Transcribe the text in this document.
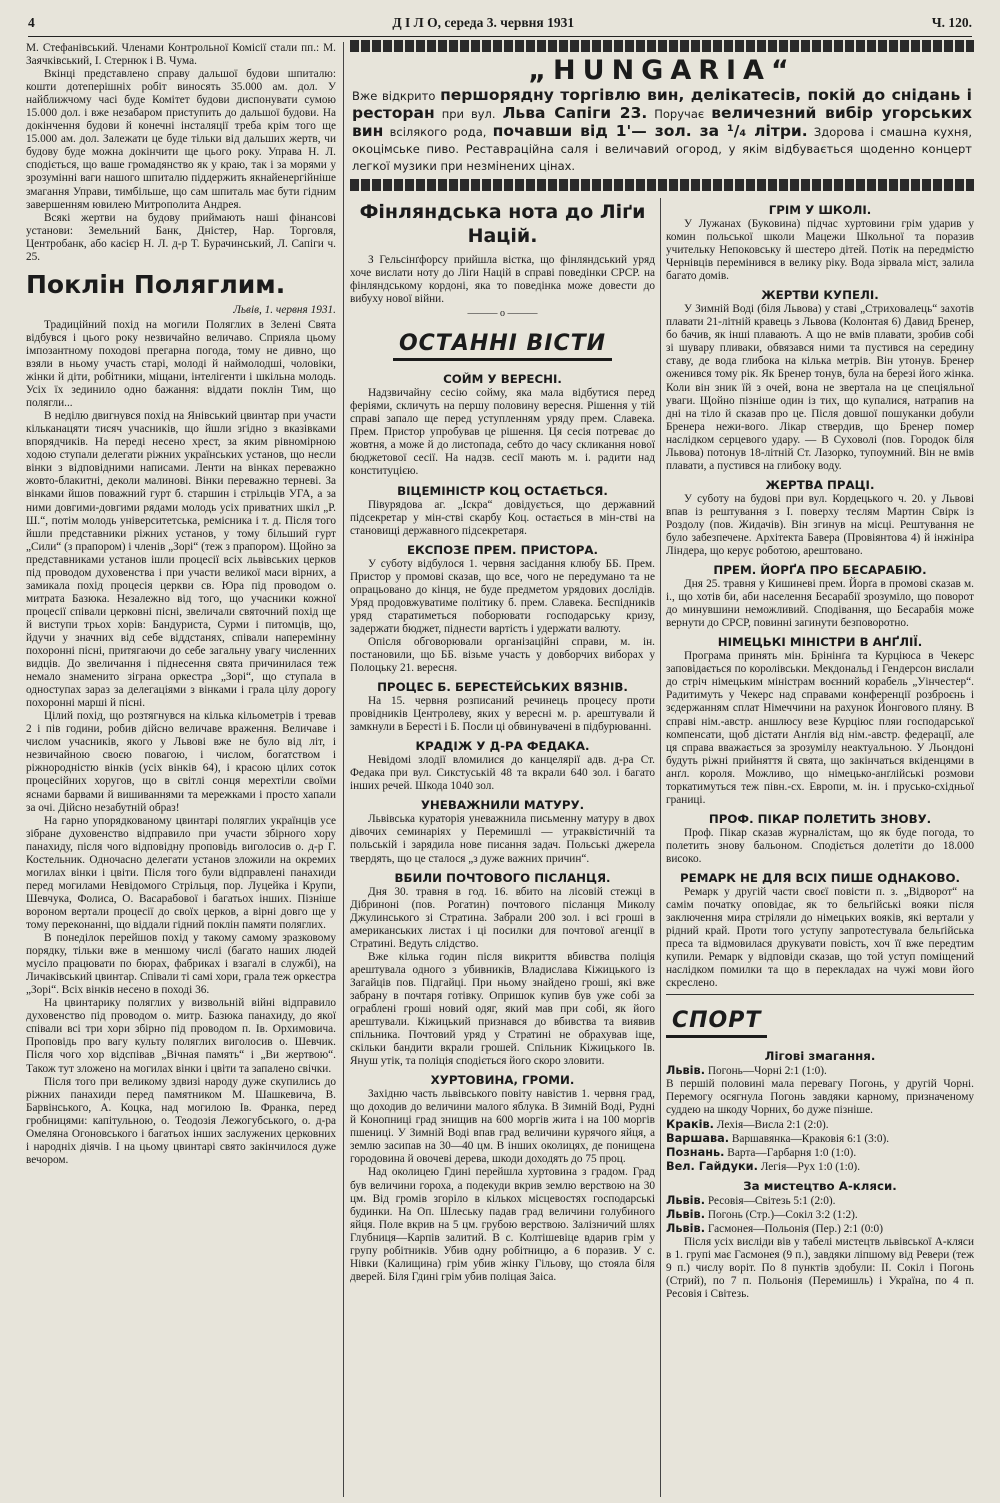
4	Д І Л О, середа 3. червня 1931	Ч. 120.

М. Стефанівський. Членами Контрольної Комісії стали пп.: М. Заячківський, І. Стернюк і В. Чума.

Вкінці представлено справу дальшої будови шпиталю: кошти дотеперішніх робіт виносять 35.000 ам. дол. У найближчому часі буде Комітет будови диспонувати сумою 15.000 дол. і вже незабаром приступить до дальшої будови. На докінчення будови й конечні інсталяції треба крім того ще 15.000 ам. дол. Залежати це буде тільки від дальших жертв, чи будову буде можна докінчити ще цього року. Управа Н. Л. сподіється, що ваше громадянство як у краю, так і за морями у зрозумінні ваги нашого шпиталю піддержить якнайенергійніше змагання Управи, тимбільше, що сам шпиталь має бути гідним завершенням ювилею Митрополита Андрея.

Всякі жертви на будову приймають наші фінансові установи: Земельний Банк, Дністер, Нар. Торговля, Центробанк, або касієр Н. Л. д-р Т. Бурачинський, Л. Сапіги ч. 25.

Поклін Поляглим.
Львів, 1. червня 1931.

Традиційний похід на могили Поляглих в Зелені Свята відбувся і цього року незвичайно величаво. Сприяла цьому імпозантному походові прегарна погода, тому не дивно, що взяли в ньому участь старі, молоді й наймолодші, чоловіки, жінки й діти, робітники, міщани, інтелігенти і шкільна молодь. Усіх їх зединило одно бажання: віддати поклін Тим, що полягли...

В неділю двигнувся похід на Янівський цвинтар при участи кільканацяти тисяч учасників, що йшли згідно з вказівками впорядчиків. На переді несено хрест, за яким рівномірною ходою ступали делегати ріжних українських установ, що несли вінки з відповідними написами. Ленти на вінках переважно жовто-блакитні, деколи малинові. Вінки переважно терневі. За вінками йшов поважний гурт б. старшин і стрільців УГА, а за ними довгими-довгими рядами молодь усіх приватних шкіл „Р. Ш.“, потім молодь університетська, ремісника і т. д. Після того йшли представники ріжних установ, у тому більший гурт „Сили“ (з прапором) і членів „Зорі“ (теж з прапором). Щойно за представниками установ ішли процесії всіх львівських церков під проводом духовенства і при участи великої маси вірних, а замикала похід процесія церкви св. Юра під проводом о. митрата Базюка. Незалежно від того, що учасники кожної процесії співали церковні пісні, звеличали святочний похід ще й виступи трьох хорів: Бандуриста, Сурми і питомців, що, йдучи у значних від себе віддстанях, співали наперемінну похоронні пісні, притягаючи до себе загальну увагу численних видців. До звеличання і піднесення свята причинилася теж немало знаменито зіграна оркестра „Зорі“, що ступала в одноступах зараз за делегаціями з вінками і грала цілу дорогу похоронні марші й пісні.

Цілий похід, що розтягнувся на кілька кільометрів і тревав 2 і пів години, робив дійсно величаве враження. Величаве і числом учасників, якого у Львові вже не було від літ, і незвичайною своєю повагою, і числом, богатством і ріжнородністю вінків (усіх вінків 64), і красою цілих соток процесійних хоругов, що в світлі сонця мерехтіли своїми яснами барвами й вишиваннями та мережками і просто хапали за очі. Дійсно незабутній образ!

На гарно упорядкованому цвинтарі поляглих українців усе зібране духовенство відправило при участи збірного хору панахиду, після чого відповідну проповідь виголосив о. д-р Г. Костельник. Одночасно делегати установ зложили на окремих могилах вінки і цвіти. Після того були відправлені панахиди перед могилами Невідомого Стрільця, пор. Луцейка і Крупи, Шевчука, Фолиса, О. Васарабової і багатьох інших. Пізніше вороном вертали процесії до своїх церков, а вірні довго ще у тому переконанні, що віддали гідний поклін памяти поляглих.

В понеділок перейшов похід у такому самому зразковому порядку, тільки вже в меншому числі (багато наших людей мусіло працювати по бюрах, фабриках і взагалі в службі), на Личаківський цвинтар. Співали ті самі хори, грала теж оркестра „Зорі“. Всіх вінків несено в поході 36.

На цвинтарику поляглих у визвольній війні відправило духовенство під проводом о. митр. Базюка панахиду, до якої співали всі три хори збірно під проводом п. Ів. Орхимовича. Проповідь про вагу культу поляглих виголосив о. Шевчик. Після чого хор відспівав „Вічная память“ і „Ви жертвою“. Також тут зложено на могилах вінки і цвіти та запалено свічки.

Після того при великому здвизі народу дуже скупились до ріжних панахиди перед памятником М. Шашкевича, В. Барвінського, А. Коцка, над могилою Ів. Франка, перед гробницями: капітульною, о. Теодозія Лежогубського, о. д-ра Омеляна Огоновського і багатьох інших заслужених церковних і народніх діячів. І на цьому цвинтарі свято закінчилося дуже вечором.

„HUNGARIA“
Вже відкрито першорядну торгівлю вин, делікатесів, покій до снідань і ресторан при вул. Льва Сапіги 23. Поручає величезний вибір угорських вин всілякого рода, почавши від 1'— зол. за ¹/₄ літри. Здорова і смашна кухня, окоцімське пиво. Реставраційна саля і величавий огород, у якім відбувається щоденно концерт легкої музики при незмінених цінах.
Фінляндська нота до Ліґи Націй.

З Гельсінґфорсу прийшла вістка, що фінляндський уряд хоче вислати ноту до Ліґи Націй в справі поведінки СРСР. на фінляндському кордоні, яка то поведінка може довести до вибуху нової війни.

——— o ———
ОСТАННІ ВІСТИ
СОЙМ У ВЕРЕСНІ.

Надзвичайну сесію сойму, яка мала відбутися перед феріями, скличуть на першу половину вересня. Рішення у тій справі запало ще перед уступленням уряду прем. Славека. Прем. Пристор упробував це рішення. Ця сесія потреває до жовтня, а може й до листопада, себто до часу скликання нової бюджетової сесії. На надзв. сесії мають м. і. радити над конституцією.

ВІЦЕМІНІСТР КОЦ ОСТАЄТЬСЯ.

Півурядова аг. „Іскра“ довідується, що державний підсекретар у мін-стві скарбу Коц. остається в мін-стві на становищі державного підсекретаря.

ЕКСПОЗЕ ПРЕМ. ПРИСТОРА.

У суботу відбулося 1. червня засідання клюбу ББ. Прем. Пристор у промові сказав, що все, чого не передумано та не опрацьовано до кінця, не буде предметом урядових дослідів. Уряд продовжуватиме політику б. прем. Славека. Беспідників уряд старатиметься поборювати господарську кризу, задержати бюджет, піднести вартість і удержати валюту.

Опісля обговорювали організаційні справи, м. ін. постановили, що ББ. візьме участь у довборчих виборах у Полоцьку 21. вересня.

ПРОЦЕС Б. БЕРЕСТЕЙСЬКИХ ВЯЗНІВ.

На 15. червня розписаний речинець процесу проти провідників Центролеву, яких у вересні м. р. арештували й замкнули в Бересті і Б. Посли ці обвинувачені в підбурюванні.

КРАДІЖ У Д-РА ФЕДАКА.

Невідомі злодії вломилися до канцелярії адв. д-ра Ст. Федака при вул. Сикстуській 48 та вкрали 640 зол. і багато інших речей. Шкода 1040 зол.

УНЕВАЖНИЛИ МАТУРУ.

Львівська кураторія уневажнила письменну матуру в двох дівочих семинаріях у Перемишлі — утраквістичній та польській і зарядила нове писання задач. Польські джерела твердять, що це сталося „з дуже важних причин“.

ВБИЛИ ПОЧТОВОГО ПІСЛАНЦЯ.

Дня 30. травня в год. 16. вбито на лісовій стежці в Дібриноні (пов. Рогатин) почтового післанця Миколу Джулинського зі Стратина. Забрали 200 зол. і всі гроші в американських листах і ці посилки для почтової агенції в Стратині. Ведуть слідство.

Вже кілька годин після викриття вбивства поліція арештувала одного з убивників, Владислава Кіжицького із Загайців пов. Підгайці. При ньому знайдено гроші, які вже забрану в почтаря готівку. Опришок купив був уже собі за ограблені гроші новий одяг, який мав при собі, як його арештували. Кіжицький признався до вбивства та виявив спільника. Почтовий уряд у Стратині не обрахував іще, скільки бандити вкрали грошей. Спільник Кіжицького Ів. Януш утік, та поліція сподіється його скоро зловити.

ХУРТОВИНА, ГРОМИ.

Західню часть львівського повіту навістив 1. червня град, що доходив до величини малого яблука. В Зимній Воді, Рудні й Конопниці град знищив на 600 моргів жита і на 100 моргів пшениці. У Зимній Воді впав град величини курячого яйця, а землю засипав на 30—40 цм. В інших околицях, де понищена городовина й овочеві дерева, шкоди доходять до 75 проц.

Над околицею Гдині перейшла хуртовина з градом. Град був величини гороха, а подекуди вкрив землю верствою на 30 цм. Від громів згоріло в кількох місцевостях господарські будинки. На Оп. Шлеську падав град величини голубиного яйця. Поле вкрив на 5 цм. грубою верствою. Залізничий шлях Глубниця—Карпів залитий. В с. Колтішевіце вдарив грім у групу робітників. Убив одну робітницю, а 6 поразив. У с. Нівки (Калищина) грім убив жінку Гільову, що стояла біля дверей. Біля Гдині грім убив поліцая Заіса.

ГРІМ У ШКОЛІ.

У Лужанах (Буковина) підчас хуртовини грім ударив у комин польської школи Мацежи Школьної та поразив учительку Непоковську й шестеро дітей. Потік на передмістю Чернівців перемінився в велику ріку. Вода зірвала міст, залила багато домів.

ЖЕРТВИ КУПЕЛІ.

У Зимній Воді (біля Львова) у ставі „Стриховалець“ захотів плавати 21-літній кравець з Львова (Колонтая 6) Давид Бренер, бо бачив, як інші плавають. А що не вмів плавати, зробив собі зі шувару пливаки, обвязався ними та пустився на середину ставу, де вода глибока на кілька метрів. Він утонув. Бренер оженився тому рік. Як Бренер тонув, була на березі його жінка. Коли він зник їй з очей, вона не звертала на це спеціяльної уваги. Щойно пізніше один із тих, що купалися, натрапив на дні на тіло й сказав про це. Після довшої пошуканки добули Бренера нежи-вого. Лікар ствердив, що Бренер помер наслідком серцевого удару. — В Суховолі (пов. Городок біля Львова) потонув 18-літній Ст. Лазорко, тупоумний. Він не вмів плавати, а пустився на глибоку воду.

ЖЕРТВА ПРАЦІ.

У суботу на будові при вул. Кордецького ч. 20. у Львові впав із рештування з І. поверху теслям Мартин Свірк із Роздолу (пов. Жидачів). Він згинув на місці. Рештування не було забезпечене. Архітекта Бавера (Провіянтова 4) й інжініра Ліндера, що керує роботою, арештовано.

ПРЕМ. ЙОРҐА ПРО БЕСАРАБІЮ.

Дня 25. травня у Кишиневі прем. Йорґа в промові сказав м. і., що хотів би, аби населення Бесарабії зрозуміло, що поворот до минувшини неможливий. Сподівання, що Бесарабія може вернути до СРСР, повинні загинути безповоротно.

НІМЕЦЬКІ МІНІСТРИ В АНҐЛІЇ.

Програма принять мін. Брінінґа та Курціюса в Чекерс заповідається по королівськи. Мекдональд і Гендерсон вислали до стріч німецьким міністрам воєнний корабель „Уінчестер“. Радитимуть у Чекерс над справами конференції розброєнь і зєдержанням сплат Німеччини на рахунок Йонгового пляну. В справі нім.-австр. аншлюсу везе Курціюс пляи господарської компенсати, щоб дістати Анґлія від нім.-австр. федерації, але ця справа вважається за зрозумілу неактуальною. У Льондоні будуть ріжні прийняття й свята, що закінчаться вкіденцями в анґл. короля. Можливо, що німецько-анґлійські розмови торкатимуться теж півн.-сх. Европи, м. ін. і прусько-східньої границі.

ПРОФ. ПІКАР ПОЛЕТИТЬ ЗНОВУ.

Проф. Пікар сказав журналістам, що як буде погода, то полетить знову бальоном. Сподіється долетіти до 18.000 високо.

РЕМАРК НЕ ДЛЯ ВСІХ ПИШЕ ОДНАКОВО.

Ремарк у другій части своєї повісти п. з. „Відворот“ на самім початку оповідає, як то бельґійські вояки після заключення мира стріляли до німецьких вояків, які вертали у рідний край. Проти того уступу запротестувала бельґійська преса та відмовилася друкувати повість, хоч її вже передтим купили. Ремарк у відповіди сказав, що той уступ поміщений наслідком помилки та що в перекладах на чужі мови його скреслено.

СПОРТ
Лігові змагання.

Львів. Погонь—Чорні 2:1 (1:0).

В першій половині мала перевагу Погонь, у другій Чорні. Перемогу осягнула Погонь завдяки карному, призначеному суддею на шкоду Чорних, бо дуже пізніше.

Краків. Лехія—Висла 2:1 (2:0).

Варшава. Варшавянка—Краковія 6:1 (3:0).

Познань. Варта—Гарбарня 1:0 (1:0).

Вел. Гайдуки. Легія—Рух 1:0 (1:0).

За мистецтво А-кляси.

Львів. Ресовія—Світезь 5:1 (2:0).

Львів. Погонь (Стр.)—Сокіл 3:2 (1:2).

Львів. Гасмонея—Польонія (Пер.) 2:1 (0:0)

Після усіх висліди вів у табелі мистецтв львівської А-кляси в 1. групі має Гасмонея (9 п.), завдяки ліпшому від Ревери (теж 9 п.) числу воріт. По 8 пунктів здобули: ІІ. Сокіл і Погонь (Стрий), по 7 п. Польонія (Перемишль) і Україна, по 4 п. Ресовія і Світезь.
